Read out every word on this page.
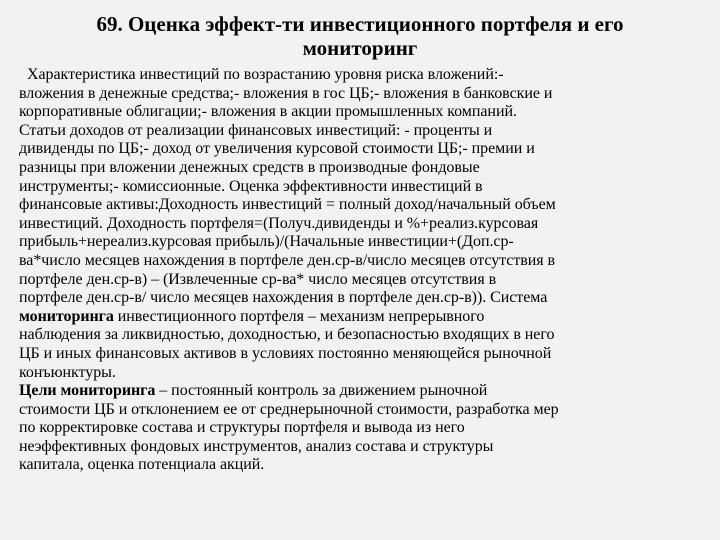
69. Оценка эффект-ти инвестиционного портфеля и его
мониторинг
Характеристика инвестиций по возрастанию уровня риска вложений:-
вложения в денежные средства;- вложения в гос ЦБ;- вложения в банковские и
корпоративные облигации;- вложения в акции промышленных компаний.
Статьи доходов от реализации финансовых инвестиций: - проценты и
дивиденды по ЦБ;- доход от увеличения курсовой стоимости ЦБ;- премии и
разницы при вложении денежных средств в производные фондовые
инструменты;- комиссионные. Оценка эффективности инвестиций в
финансовые активы:Доходность инвестиций = полный доход/начальный объем
инвестиций. Доходность портфеля=(Получ.дивиденды и %+реализ.курсовая
прибыль+нереализ.курсовая прибыль)/(Начальные инвестиции+(Доп.ср-
ва*число месяцев нахождения в портфеле ден.ср-в/число месяцев отсутствия в
портфеле ден.ср-в) – (Извлеченные ср-ва* число месяцев отсутствия в
портфеле ден.ср-в/ число месяцев нахождения в портфеле ден.ср-в)). Система
мониторинга инвестиционного портфеля – механизм непрерывного
наблюдения за ликвидностью, доходностью, и безопасностью входящих в него
ЦБ и иных финансовых активов в условиях постоянно меняющейся рыночной
конъюнктуры.
Цели мониторинга – постоянный контроль за движением рыночной
стоимости ЦБ и отклонением ее от среднерыночной стоимости, разработка мер
по корректировке состава и структуры портфеля и вывода из него
неэффективных фондовых инструментов, анализ состава и структуры
капитала, оценка потенциала акций.
